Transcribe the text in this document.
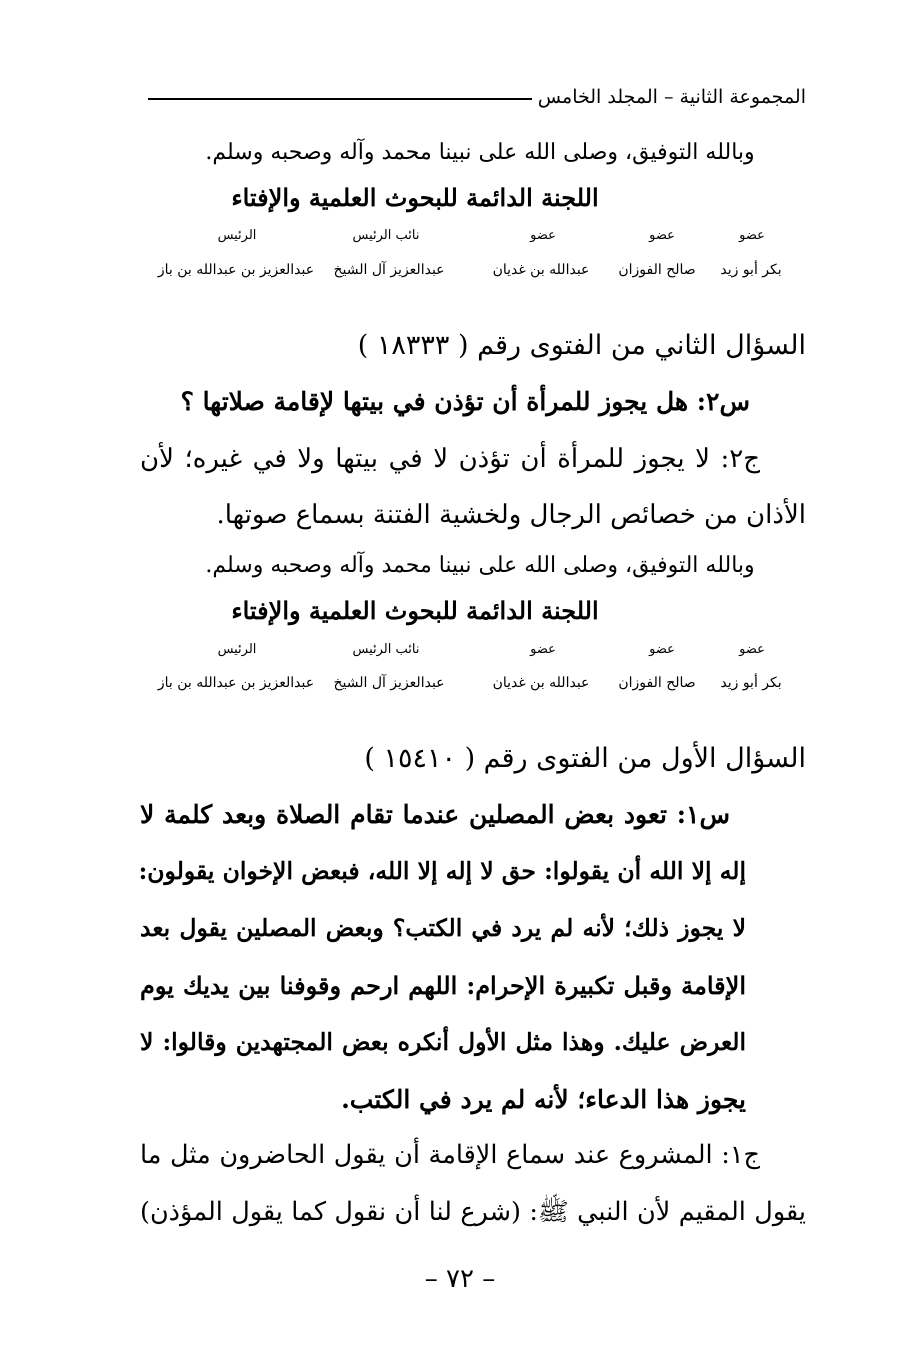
المجموعة الثانية – المجلد الخامس
وبالله التوفيق، وصلى الله على نبينا محمد وآله وصحبه وسلم.
اللجنة الدائمة للبحوث العلمية والإفتاء
عضو
عضو
عضو
نائب الرئيس
الرئيس
بكر أبو زيد
صالح الفوزان
عبدالله بن غديان
عبدالعزيز آل الشيخ
عبدالعزيز بن عبدالله بن باز
السؤال الثاني من الفتوى رقم ( ١٨٣٣٣ )
س٢: هل يجوز للمرأة أن تؤذن في بيتها لإقامة صلاتها ؟
ج٢: لا يجوز للمرأة أن تؤذن لا في بيتها ولا في غيره؛ لأن
الأذان من خصائص الرجال ولخشية الفتنة بسماع صوتها.
وبالله التوفيق، وصلى الله على نبينا محمد وآله وصحبه وسلم.
اللجنة الدائمة للبحوث العلمية والإفتاء
عضو
عضو
عضو
نائب الرئيس
الرئيس
بكر أبو زيد
صالح الفوزان
عبدالله بن غديان
عبدالعزيز آل الشيخ
عبدالعزيز بن عبدالله بن باز
السؤال الأول من الفتوى رقم ( ١٥٤١٠ )
س١: تعود بعض المصلين عندما تقام الصلاة وبعد كلمة لا
إله إلا الله أن يقولوا: حق لا إله إلا الله، فبعض الإخوان يقولون:
لا يجوز ذلك؛ لأنه لم يرد في الكتب؟ وبعض المصلين يقول بعد
الإقامة وقبل تكبيرة الإحرام: اللهم ارحم وقوفنا بين يديك يوم
العرض عليك. وهذا مثل الأول أنكره بعض المجتهدين وقالوا: لا
يجوز هذا الدعاء؛ لأنه لم يرد في الكتب.
ج١: المشروع عند سماع الإقامة أن يقول الحاضرون مثل ما
يقول المقيم لأن النبي ﷺ: (شرع لنا أن نقول كما يقول المؤذن)
– ٧٢ –
